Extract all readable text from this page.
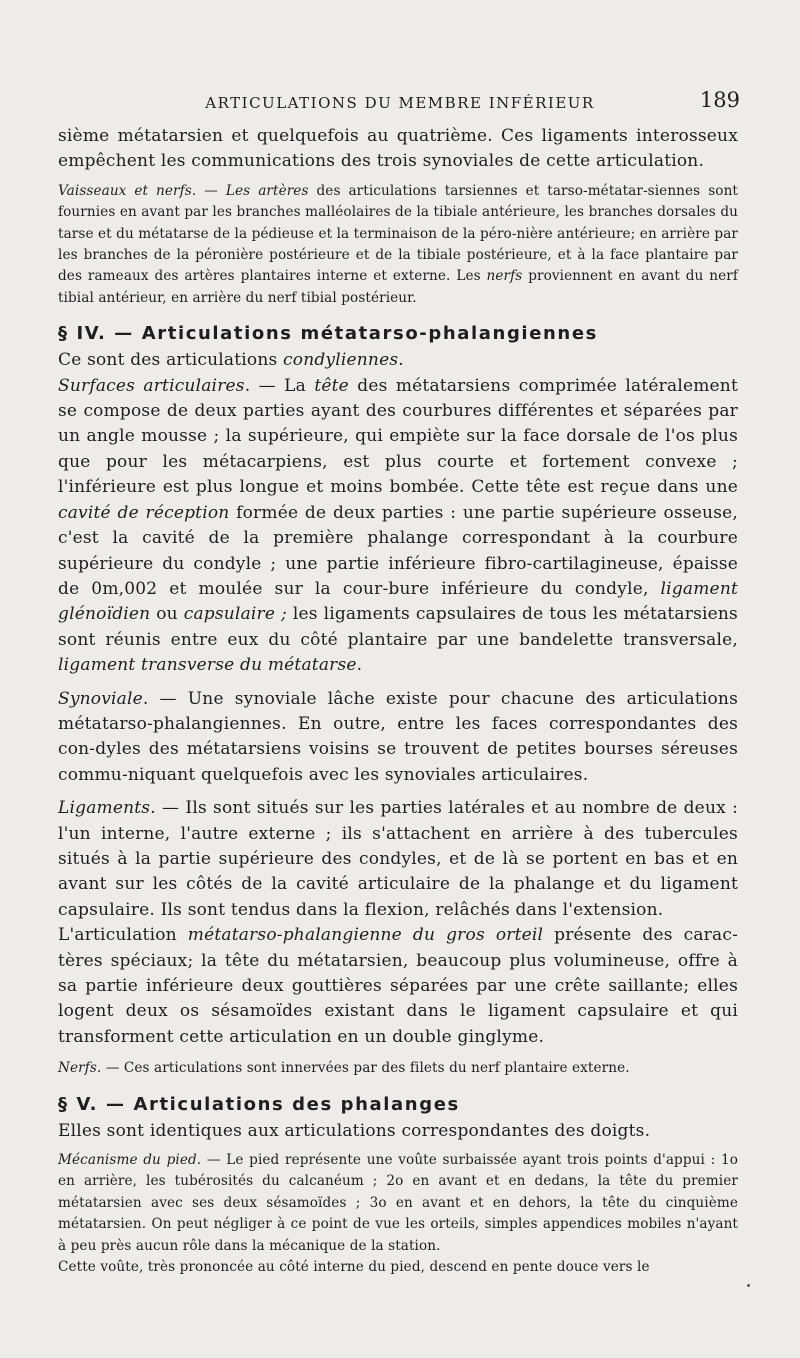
ARTICULATIONS DU MEMBRE INFÉRIEUR	189

sième métatarsien et quelquefois au quatrième. Ces ligaments interosseux empêchent les communications des trois synoviales de cette articulation.

Vaisseaux et nerfs. — Les artères des articulations tarsiennes et tarso-métatar-siennes sont fournies en avant par les branches malléolaires de la tibiale antérieure, les branches dorsales du tarse et du métatarse de la pédieuse et la terminaison de la péro-nière antérieure; en arrière par les branches de la péronière postérieure et de la tibiale postérieure, et à la face plantaire par des rameaux des artères plantaires interne et externe. Les nerfs proviennent en avant du nerf tibial antérieur, en arrière du nerf tibial postérieur.

§ IV. — Articulations métatarso-phalangiennes

Ce sont des articulations condyliennes.

Surfaces articulaires. — La tête des métatarsiens comprimée latéralement se compose de deux parties ayant des courbures différentes et séparées par un angle mousse ; la supérieure, qui empiète sur la face dorsale de l'os plus que pour les métacarpiens, est plus courte et fortement convexe ; l'inférieure est plus longue et moins bombée. Cette tête est reçue dans une cavité de réception formée de deux parties : une partie supérieure osseuse, c'est la cavité de la première phalange correspondant à la courbure supérieure du condyle ; une partie inférieure fibro-cartilagineuse, épaisse de 0m,002 et moulée sur la cour-bure inférieure du condyle, ligament glénoïdien ou capsulaire ; les ligaments capsulaires de tous les métatarsiens sont réunis entre eux du côté plantaire par une bandelette transversale, ligament transverse du métatarse.

Synoviale. — Une synoviale lâche existe pour chacune des articulations métatarso-phalangiennes. En outre, entre les faces correspondantes des con-dyles des métatarsiens voisins se trouvent de petites bourses séreuses commu-niquant quelquefois avec les synoviales articulaires.

Ligaments. — Ils sont situés sur les parties latérales et au nombre de deux : l'un interne, l'autre externe ; ils s'attachent en arrière à des tubercules situés à la partie supérieure des condyles, et de là se portent en bas et en avant sur les côtés de la cavité articulaire de la phalange et du ligament capsulaire. Ils sont tendus dans la flexion, relâchés dans l'extension.

L'articulation métatarso-phalangienne du gros orteil présente des carac-tères spéciaux; la tête du métatarsien, beaucoup plus volumineuse, offre à sa partie inférieure deux gouttières séparées par une crête saillante; elles logent deux os sésamoïdes existant dans le ligament capsulaire et qui transforment cette articulation en un double ginglyme.

Nerfs. — Ces articulations sont innervées par des filets du nerf plantaire externe.

§ V. — Articulations des phalanges

Elles sont identiques aux articulations correspondantes des doigts.

Mécanisme du pied. — Le pied représente une voûte surbaissée ayant trois points d'appui : 1o en arrière, les tubérosités du calcanéum ; 2o en avant et en dedans, la tête du premier métatarsien avec ses deux sésamoïdes ; 3o en avant et en dehors, la tête du cinquième métatarsien. On peut négliger à ce point de vue les orteils, simples appendices mobiles n'ayant à peu près aucun rôle dans la mécanique de la station.

Cette voûte, très prononcée au côté interne du pied, descend en pente douce vers le
